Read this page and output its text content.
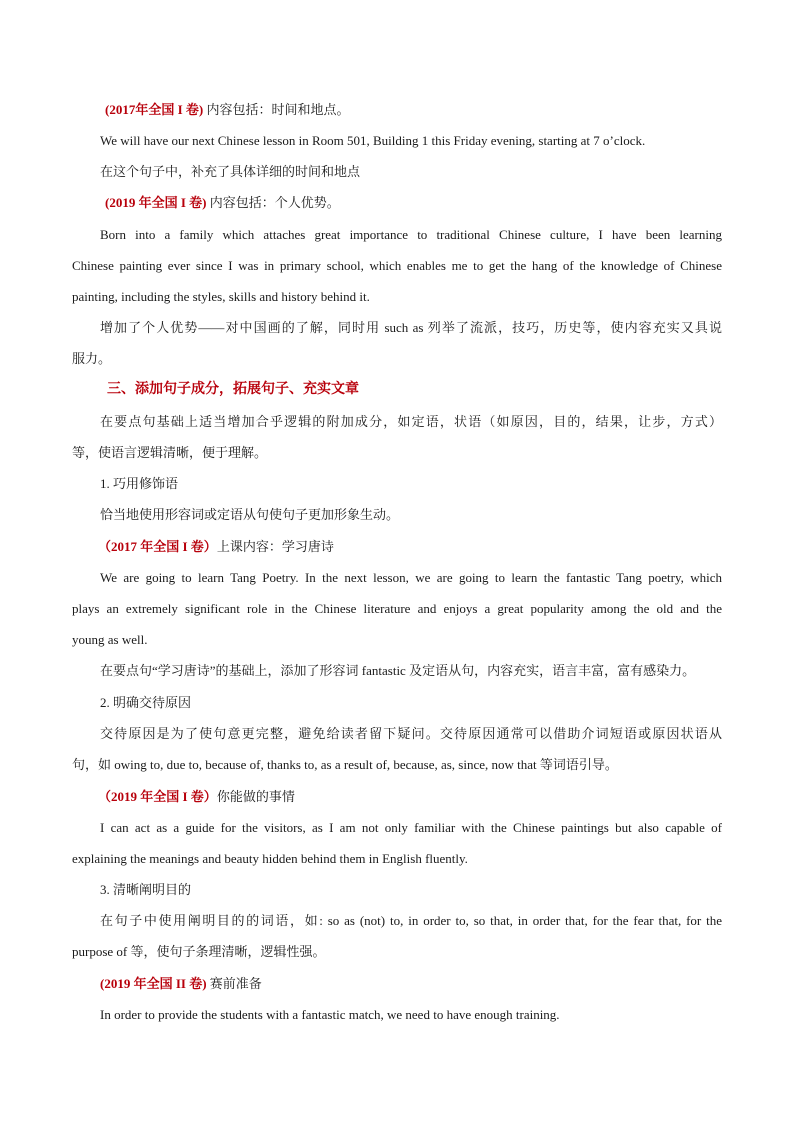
(2017年全国 I 卷) 内容包括：时间和地点。
We will have our next Chinese lesson in Room 501, Building 1 this Friday evening, starting at 7 o’clock.
在这个句子中，补充了具体详细的时间和地点
(2019 年全国 I 卷) 内容包括：个人优势。
Born into a family which attaches great importance to traditional Chinese culture, I have been learning
Chinese painting ever since I was in primary school, which enables me to get the hang of the knowledge of Chinese
painting, including the styles, skills and history behind it.
增加了个人优势——对中国画的了解，同时用 such as 列举了流派，技巧，历史等，使内容充实又具说
服力。
三、添加句子成分，拓展句子、充实文章
在要点句基础上适当增加合乎逻辑的附加成分，如定语，状语（如原因，目的，结果，让步，方式）
等，使语言逻辑清晰，便于理解。
1. 巧用修饰语
恰当地使用形容词或定语从句使句子更加形象生动。
（2017 年全国 I 卷）上课内容：学习唐诗
We are going to learn Tang Poetry. In the next lesson, we are going to learn the fantastic Tang poetry, which
plays an extremely significant role in the Chinese literature and enjoys a great popularity among the old and the
young as well.
在要点句“学习唐诗”的基础上，添加了形容词 fantastic 及定语从句，内容充实，语言丰富，富有感染力。
2. 明确交待原因
交待原因是为了使句意更完整，避免给读者留下疑问。交待原因通常可以借助介词短语或原因状语从
句，如 owing to, due to, because of, thanks to, as a result of, because, as, since, now that 等词语引导。
（2019 年全国 I 卷）你能做的事情
I can act as a guide for the visitors, as I am not only familiar with the Chinese paintings but also capable of
explaining the meanings and beauty hidden behind them in English fluently.
3. 清晰阐明目的
在句子中使用阐明目的的词语，如: so as (not) to, in order to, so that, in order that, for the fear that, for the
purpose of 等，使句子条理清晰，逻辑性强。
(2019 年全国 II 卷) 赛前准备
In order to provide the students with a fantastic match, we need to have enough training.
